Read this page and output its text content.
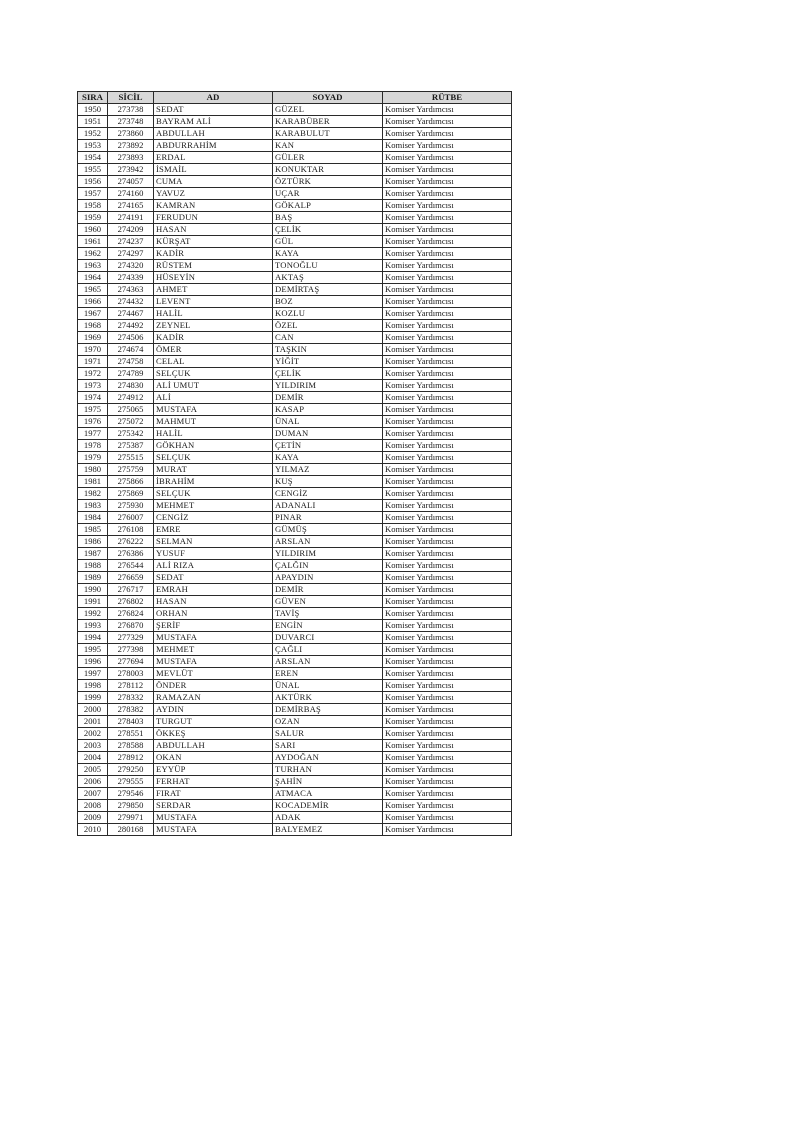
SIRA	SİCİL	AD	SOYAD	RÜTBE
1950	273738	SEDAT	GÜZEL	Komiser Yardımcısı
1951	273748	BAYRAM ALİ	KARABÜBER	Komiser Yardımcısı
1952	273860	ABDULLAH	KARABULUT	Komiser Yardımcısı
1953	273892	ABDURRAHİM	KAN	Komiser Yardımcısı
1954	273893	ERDAL	GÜLER	Komiser Yardımcısı
1955	273942	İSMAİL	KONUKTAR	Komiser Yardımcısı
1956	274057	CUMA	ÖZTÜRK	Komiser Yardımcısı
1957	274160	YAVUZ	UÇAR	Komiser Yardımcısı
1958	274165	KAMRAN	GÖKALP	Komiser Yardımcısı
1959	274191	FERUDUN	BAŞ	Komiser Yardımcısı
1960	274209	HASAN	ÇELİK	Komiser Yardımcısı
1961	274237	KÜRŞAT	GÜL	Komiser Yardımcısı
1962	274297	KADİR	KAYA	Komiser Yardımcısı
1963	274320	RÜSTEM	TONOĞLU	Komiser Yardımcısı
1964	274339	HÜSEYİN	AKTAŞ	Komiser Yardımcısı
1965	274363	AHMET	DEMİRTAŞ	Komiser Yardımcısı
1966	274432	LEVENT	BOZ	Komiser Yardımcısı
1967	274467	HALİL	KOZLU	Komiser Yardımcısı
1968	274492	ZEYNEL	ÖZEL	Komiser Yardımcısı
1969	274506	KADİR	CAN	Komiser Yardımcısı
1970	274674	ÖMER	TAŞKIN	Komiser Yardımcısı
1971	274758	CELAL	YİĞİT	Komiser Yardımcısı
1972	274789	SELÇUK	ÇELİK	Komiser Yardımcısı
1973	274830	ALİ UMUT	YILDIRIM	Komiser Yardımcısı
1974	274912	ALİ	DEMİR	Komiser Yardımcısı
1975	275065	MUSTAFA	KASAP	Komiser Yardımcısı
1976	275072	MAHMUT	ÜNAL	Komiser Yardımcısı
1977	275342	HALİL	DUMAN	Komiser Yardımcısı
1978	275387	GÖKHAN	ÇETİN	Komiser Yardımcısı
1979	275515	SELÇUK	KAYA	Komiser Yardımcısı
1980	275759	MURAT	YILMAZ	Komiser Yardımcısı
1981	275866	İBRAHİM	KUŞ	Komiser Yardımcısı
1982	275869	SELÇUK	CENGİZ	Komiser Yardımcısı
1983	275930	MEHMET	ADANALI	Komiser Yardımcısı
1984	276007	CENGİZ	PINAR	Komiser Yardımcısı
1985	276108	EMRE	GÜMÜŞ	Komiser Yardımcısı
1986	276222	SELMAN	ARSLAN	Komiser Yardımcısı
1987	276386	YUSUF	YILDIRIM	Komiser Yardımcısı
1988	276544	ALİ RIZA	ÇALĞIN	Komiser Yardımcısı
1989	276659	SEDAT	APAYDIN	Komiser Yardımcısı
1990	276717	EMRAH	DEMİR	Komiser Yardımcısı
1991	276802	HASAN	GÜVEN	Komiser Yardımcısı
1992	276824	ORHAN	TAVİŞ	Komiser Yardımcısı
1993	276870	ŞERİF	ENGİN	Komiser Yardımcısı
1994	277329	MUSTAFA	DUVARCI	Komiser Yardımcısı
1995	277398	MEHMET	ÇAĞLI	Komiser Yardımcısı
1996	277694	MUSTAFA	ARSLAN	Komiser Yardımcısı
1997	278003	MEVLÜT	EREN	Komiser Yardımcısı
1998	278112	ÖNDER	ÜNAL	Komiser Yardımcısı
1999	278332	RAMAZAN	AKTÜRK	Komiser Yardımcısı
2000	278382	AYDIN	DEMİRBAŞ	Komiser Yardımcısı
2001	278403	TURGUT	OZAN	Komiser Yardımcısı
2002	278551	ÖKKEŞ	SALUR	Komiser Yardımcısı
2003	278588	ABDULLAH	SARI	Komiser Yardımcısı
2004	278912	OKAN	AYDOĞAN	Komiser Yardımcısı
2005	279250	EYYÜP	TURHAN	Komiser Yardımcısı
2006	279555	FERHAT	ŞAHİN	Komiser Yardımcısı
2007	279546	FIRAT	ATMACA	Komiser Yardımcısı
2008	279850	SERDAR	KOCADEMİR	Komiser Yardımcısı
2009	279971	MUSTAFA	ADAK	Komiser Yardımcısı
2010	280168	MUSTAFA	BALYEMEZ	Komiser Yardımcısı
